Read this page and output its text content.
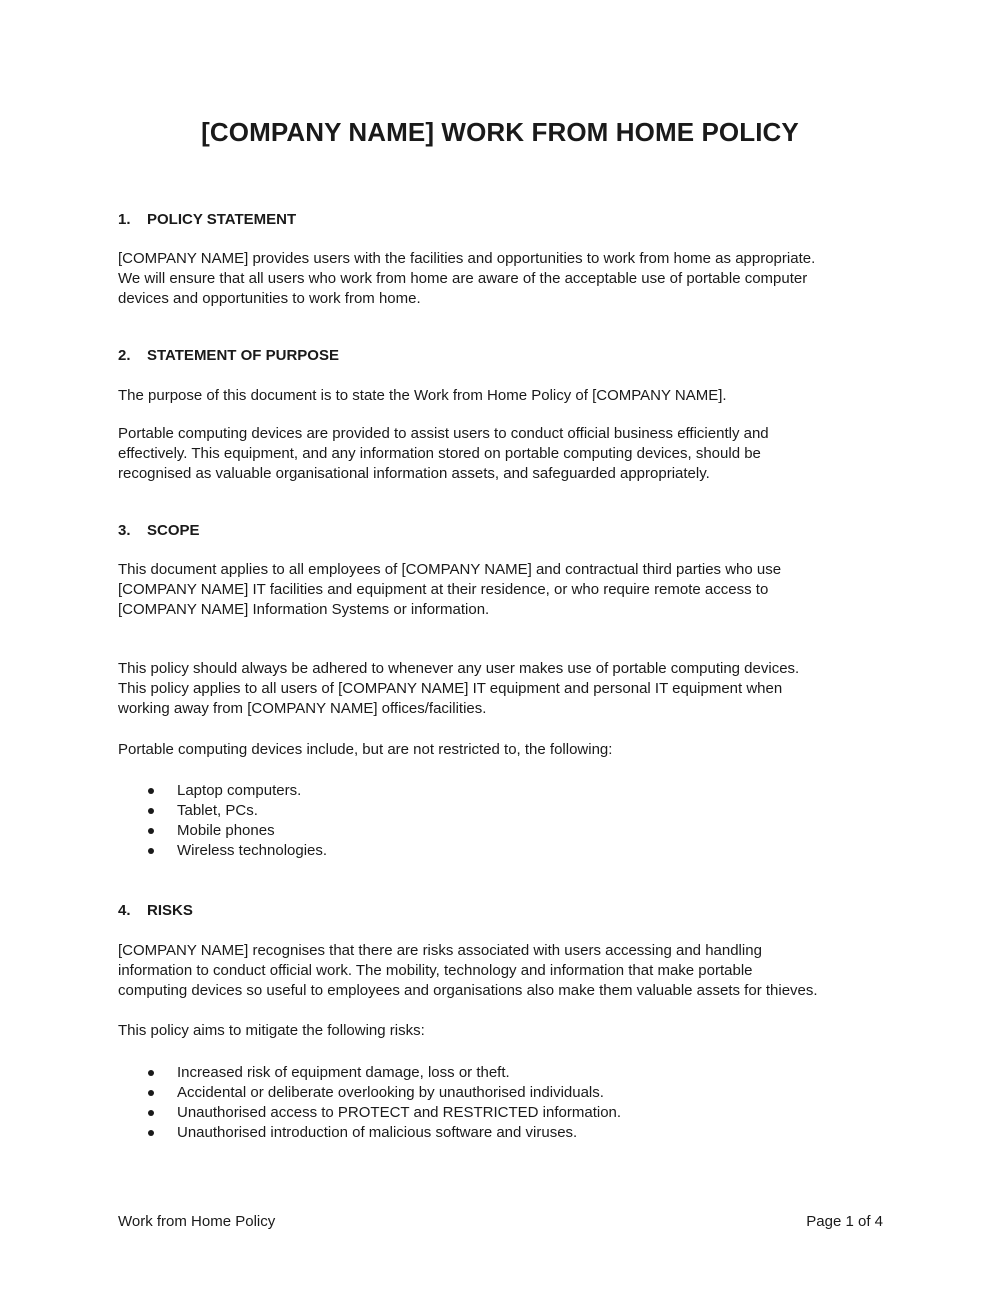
[COMPANY NAME] WORK FROM HOME POLICY
1. POLICY STATEMENT
[COMPANY NAME] provides users with the facilities and opportunities to work from home as appropriate.
We will ensure that all users who work from home are aware of the acceptable use of portable computer
devices and opportunities to work from home.
2. STATEMENT OF PURPOSE
The purpose of this document is to state the Work from Home Policy of [COMPANY NAME].
Portable computing devices are provided to assist users to conduct official business efficiently and
effectively. This equipment, and any information stored on portable computing devices, should be
recognised as valuable organisational information assets, and safeguarded appropriately.
3. SCOPE
This document applies to all employees of [COMPANY NAME] and contractual third parties who use
[COMPANY NAME] IT facilities and equipment at their residence, or who require remote access to
[COMPANY NAME] Information Systems or information.
This policy should always be adhered to whenever any user makes use of portable computing devices.
This policy applies to all users of [COMPANY NAME] IT equipment and personal IT equipment when
working away from [COMPANY NAME] offices/facilities.
Portable computing devices include, but are not restricted to, the following:
Laptop computers.
Tablet, PCs.
Mobile phones
Wireless technologies.
4. RISKS
[COMPANY NAME] recognises that there are risks associated with users accessing and handling
information to conduct official work. The mobility, technology and information that make portable
computing devices so useful to employees and organisations also make them valuable assets for thieves.
This policy aims to mitigate the following risks:
Increased risk of equipment damage, loss or theft.
Accidental or deliberate overlooking by unauthorised individuals.
Unauthorised access to PROTECT and RESTRICTED information.
Unauthorised introduction of malicious software and viruses.
Work from Home Policy	Page 1 of 4
